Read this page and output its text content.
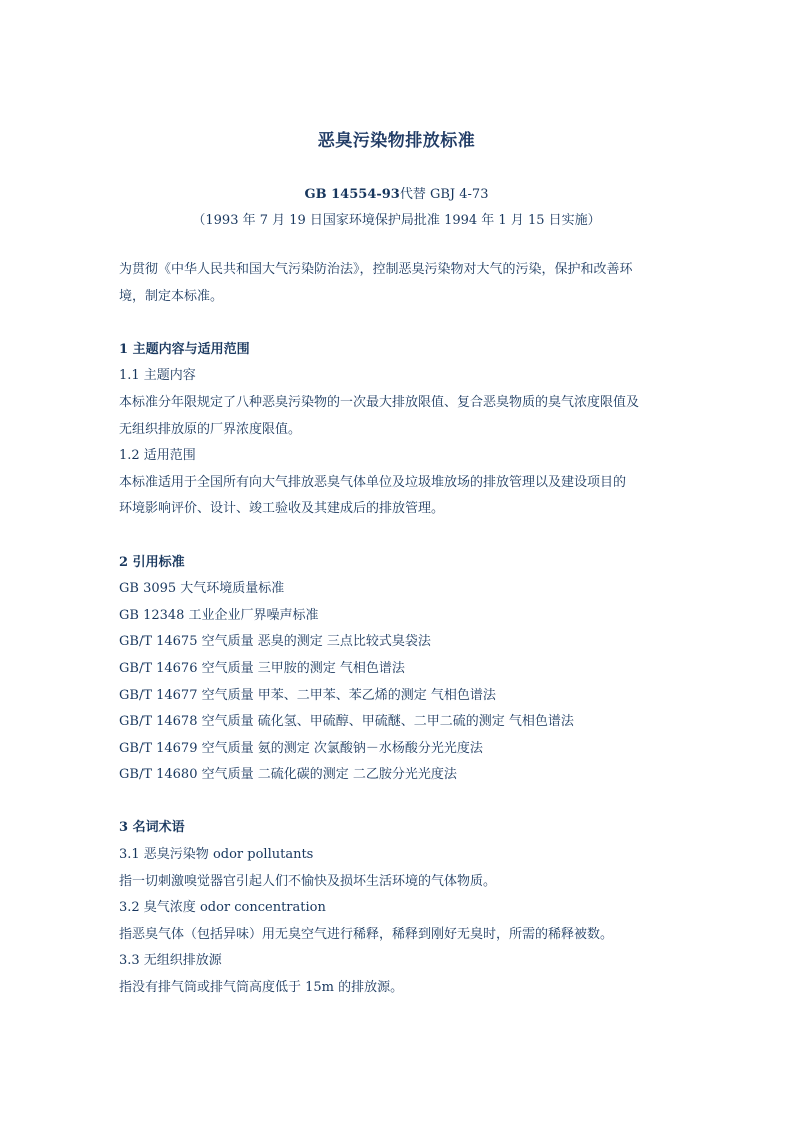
恶臭污染物排放标准
GB 14554-93代替 GBJ 4-73
（1993 年 7 月 19 日国家环境保护局批准 1994 年 1 月 15 日实施）
为贯彻《中华人民共和国大气污染防治法》，控制恶臭污染物对大气的污染，保护和改善环
境，制定本标准。
1 主题内容与适用范围
1.1 主题内容
本标准分年限规定了八种恶臭污染物的一次最大排放限值、复合恶臭物质的臭气浓度限值及
无组织排放原的厂界浓度限值。
1.2 适用范围
本标准适用于全国所有向大气排放恶臭气体单位及垃圾堆放场的排放管理以及建设项目的
环境影响评价、设计、竣工验收及其建成后的排放管理。
2 引用标准
GB 3095 大气环境质量标准
GB 12348 工业企业厂界噪声标准
GB/T 14675 空气质量 恶臭的测定 三点比较式臭袋法
GB/T 14676 空气质量 三甲胺的测定 气相色谱法
GB/T 14677 空气质量 甲苯、二甲苯、苯乙烯的测定 气相色谱法
GB/T 14678 空气质量 硫化氢、甲硫醇、甲硫醚、二甲二硫的测定 气相色谱法
GB/T 14679 空气质量 氨的测定 次氯酸钠－水杨酸分光光度法
GB/T 14680 空气质量 二硫化碳的测定 二乙胺分光光度法
3 名词术语
3.1 恶臭污染物 odor pollutants
指一切刺激嗅觉器官引起人们不愉快及损坏生活环境的气体物质。
3.2 臭气浓度 odor concentration
指恶臭气体（包括异味）用无臭空气进行稀释，稀释到刚好无臭时，所需的稀释被数。
3.3 无组织排放源
指没有排气筒或排气筒高度低于 15m 的排放源。
